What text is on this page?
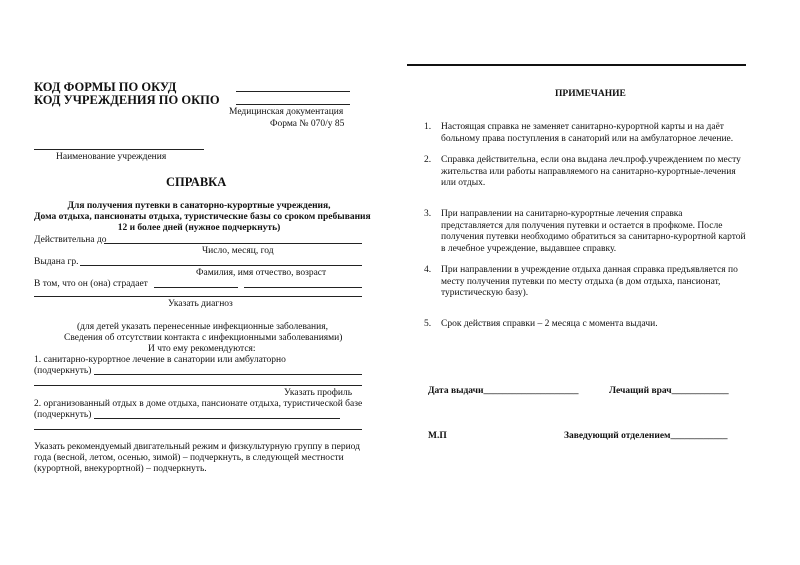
КОД ФОРМЫ ПО ОКУД
КОД УЧРЕЖДЕНИЯ ПО ОКПО
Медицинская документация
Форма № 070/у 85
Наименование учреждения
СПРАВКА
Для получения путевки в санаторно-курортные учреждения,
Дома отдыха, пансионаты отдыха, туристические базы со сроком пребывания
12 и более дней (нужное подчеркнуть)
Действительна до
Число, месяц, год
Выдана гр.
Фамилия, имя отчество, возраст
В том, что он (она) страдает
Указать диагноз
(для детей указать перенесенные инфекционные заболевания,
Сведения об отсутствии контакта с инфекционными заболеваниями)
И что ему рекомендуются:
1. санитарно-курортное лечение в санатории или амбулаторно
(подчеркнуть)
Указать профиль
2. организованный отдых в доме отдыха, пансионате отдыха, туристической базе
(подчеркнуть)
Указать рекомендуемый двигательный режим и физкультурную группу в период
года (весной, летом, осенью, зимой) – подчеркнуть, в следующей местности
(курортной, внекурортной) – подчеркнуть.
ПРИМЕЧАНИЕ
1. Настоящая справка не заменяет санитарно-курортной карты и на даёт больному права поступления в санаторий или на амбулаторное лечение.
2. Справка действительна, если она выдана леч.проф.учреждением по месту жительства или работы направляемого на санитарно-курортные-лечения или отдых.
3. При направлении на санитарно-курортные лечения справка представляется для получения путевки и остается в профкоме. После получения путевки необходимо обратиться за санитарно-курортной картой в лечебное учреждение, выдавшее справку.
4. При направлении в учреждение отдыха данная справка предъявляется по месту получения путевки по месту отдыха (в дом отдыха, пансионат, туристическую базу).
5. Срок действия справки – 2 месяца с момента выдачи.
Дата выдачи____________________	Лечащий врач____________
М.П	Заведующий отделением____________
